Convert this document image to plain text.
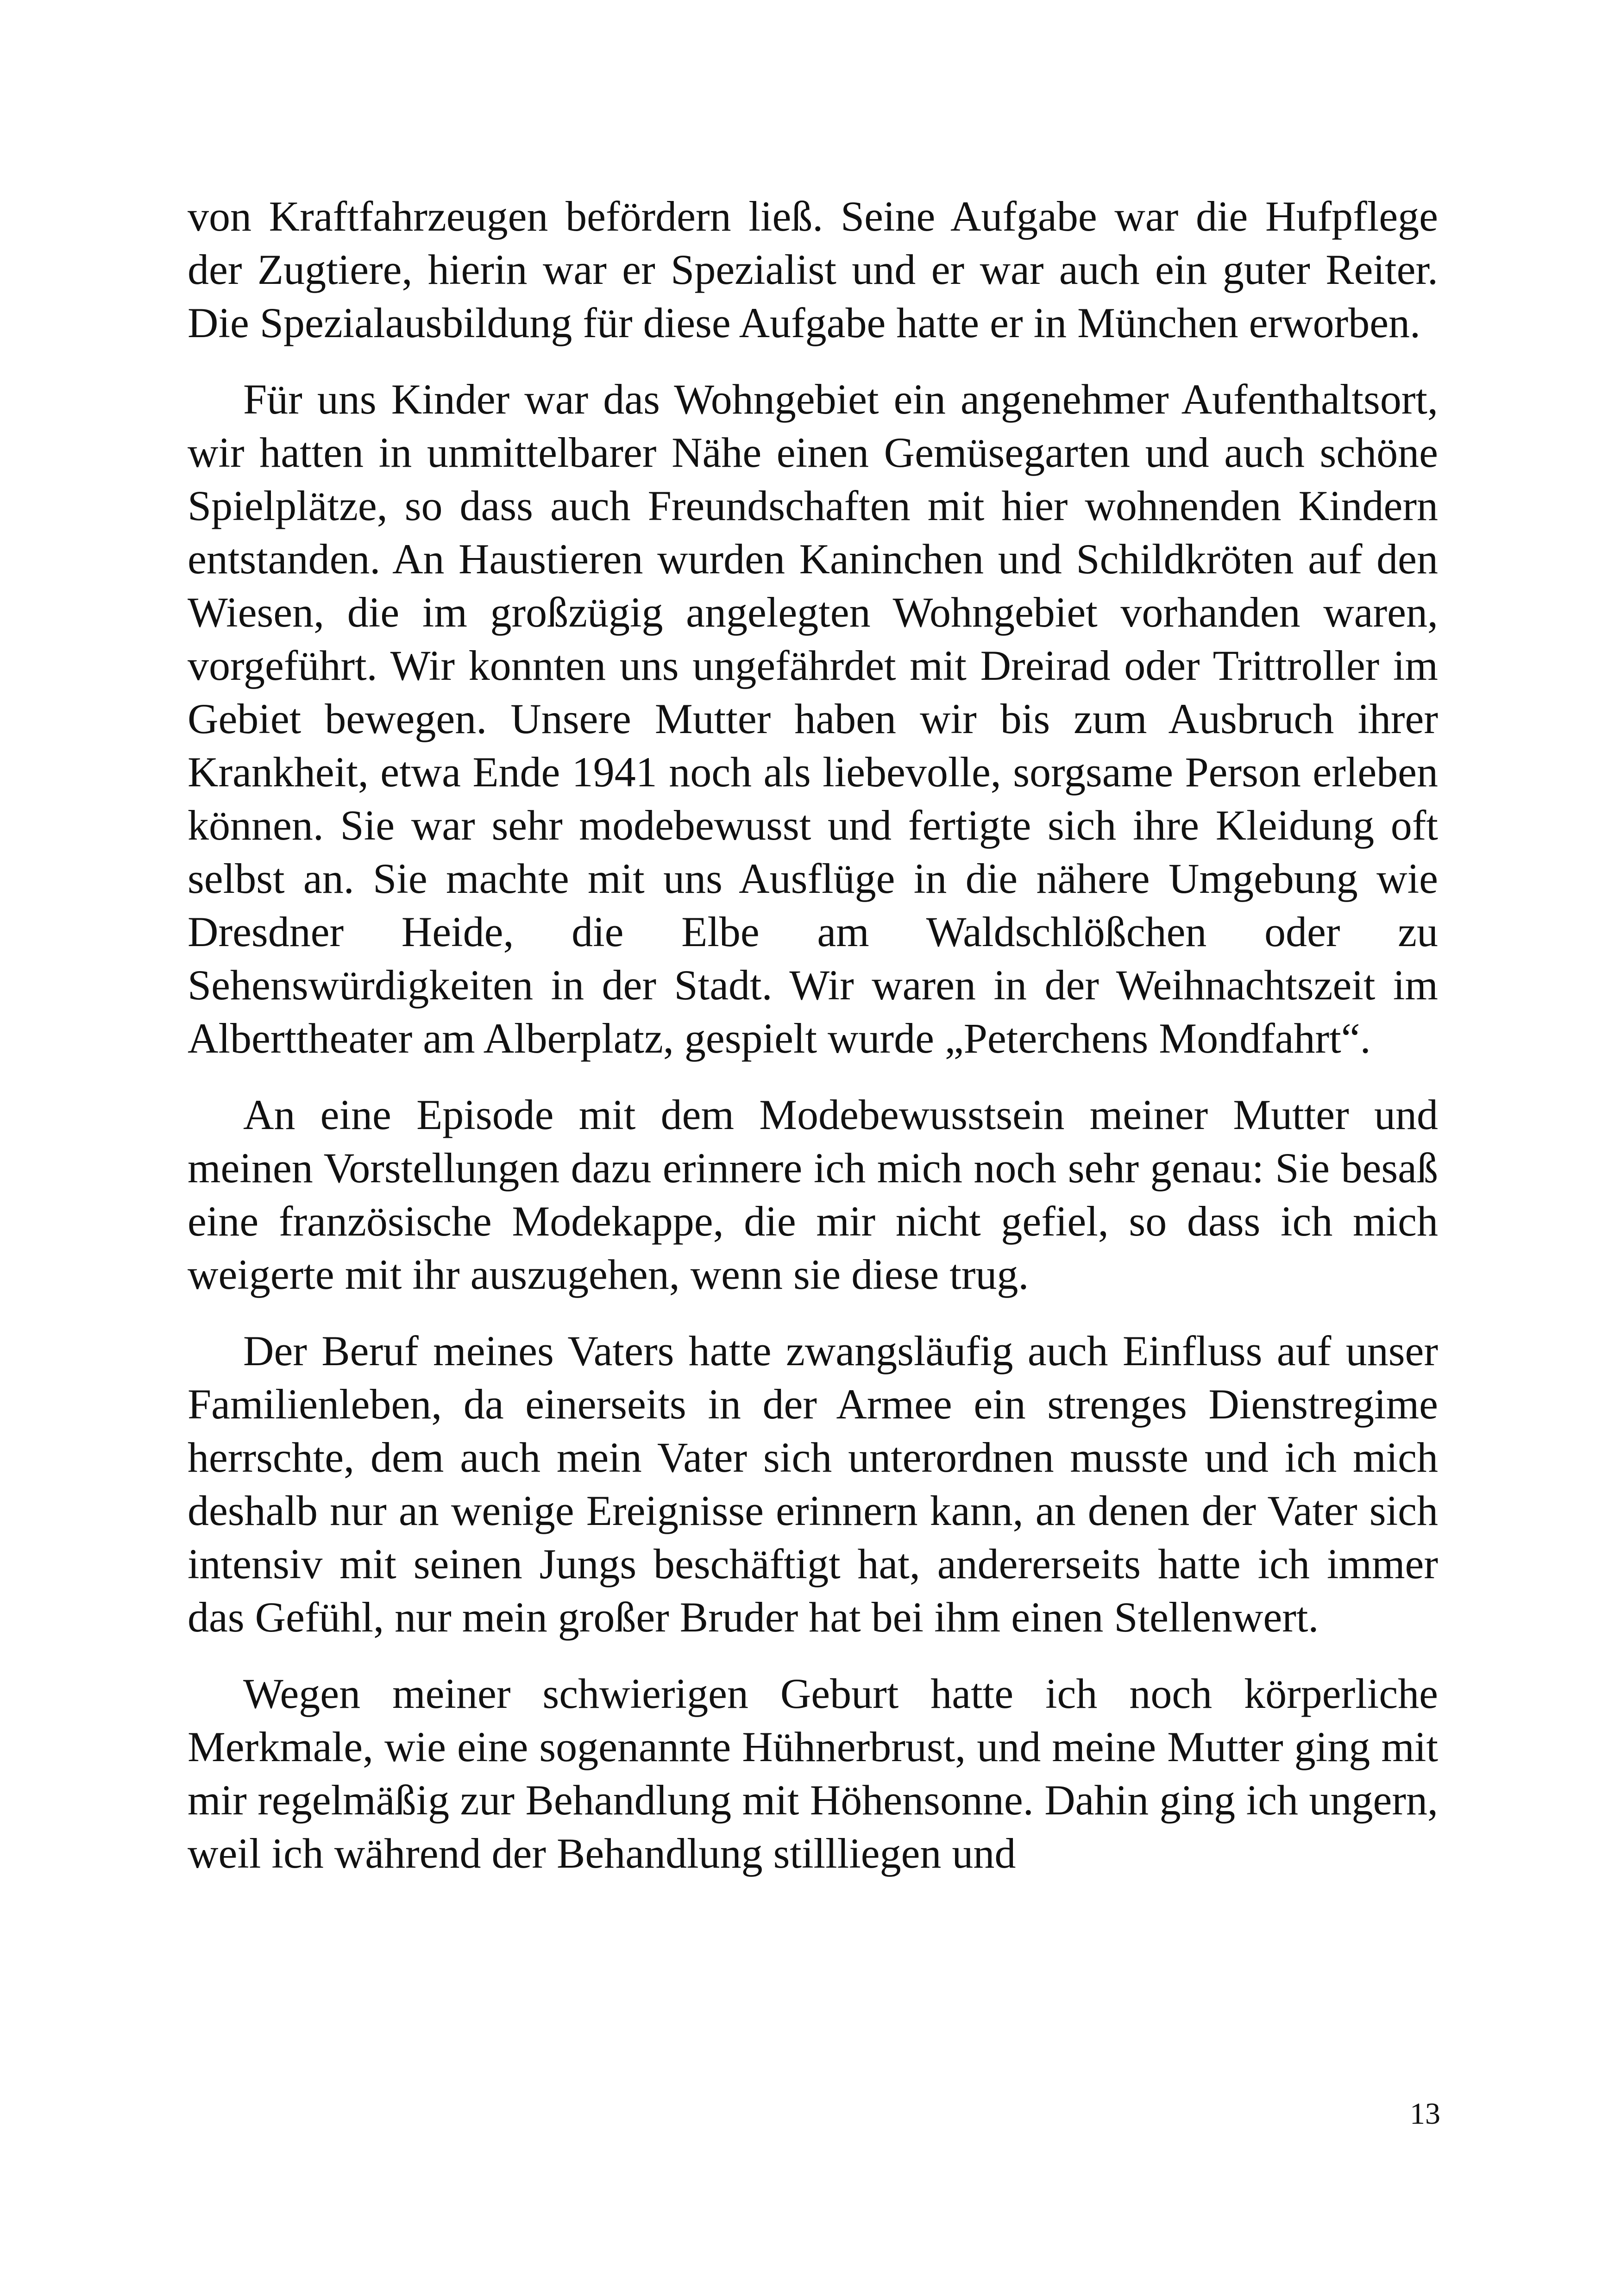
von Kraftfahrzeugen befördern ließ. Seine Aufgabe war die Hufpflege der Zugtiere, hierin war er Spezialist und er war auch ein guter Reiter. Die Spezialausbildung für diese Aufgabe hatte er in München erworben.

Für uns Kinder war das Wohngebiet ein angenehmer Aufenthaltsort, wir hatten in unmittelbarer Nähe einen Gemüsegarten und auch schöne Spielplätze, so dass auch Freundschaften mit hier wohnenden Kindern entstanden. An Haustieren wurden Kaninchen und Schildkröten auf den Wiesen, die im großzügig angelegten Wohngebiet vorhanden waren, vorgeführt. Wir konnten uns ungefährdet mit Dreirad oder Trittroller im Gebiet bewegen. Unsere Mutter haben wir bis zum Ausbruch ihrer Krankheit, etwa Ende 1941 noch als liebevolle, sorgsame Person erleben können. Sie war sehr modebewusst und fertigte sich ihre Kleidung oft selbst an. Sie machte mit uns Ausflüge in die nähere Umgebung wie Dresdner Heide, die Elbe am Waldschlößchen oder zu Sehenswürdigkeiten in der Stadt. Wir waren in der Weihnachtszeit im Alberttheater am Alberplatz, gespielt wurde „Peterchens Mondfahrt“.

An eine Episode mit dem Modebewusstsein meiner Mutter und meinen Vorstellungen dazu erinnere ich mich noch sehr genau: Sie besaß eine französische Modekappe, die mir nicht gefiel, so dass ich mich weigerte mit ihr auszugehen, wenn sie diese trug.

Der Beruf meines Vaters hatte zwangsläufig auch Einfluss auf unser Familienleben, da einerseits in der Armee ein strenges Dienstregime herrschte, dem auch mein Vater sich unterordnen musste und ich mich deshalb nur an wenige Ereignisse erinnern kann, an denen der Vater sich intensiv mit seinen Jungs beschäftigt hat, andererseits hatte ich immer das Gefühl, nur mein großer Bruder hat bei ihm einen Stellenwert.

Wegen meiner schwierigen Geburt hatte ich noch körperliche Merkmale, wie eine sogenannte Hühnerbrust, und meine Mutter ging mit mir regelmäßig zur Behandlung mit Höhensonne. Dahin ging ich ungern, weil ich während der Behandlung stillliegen und

13
